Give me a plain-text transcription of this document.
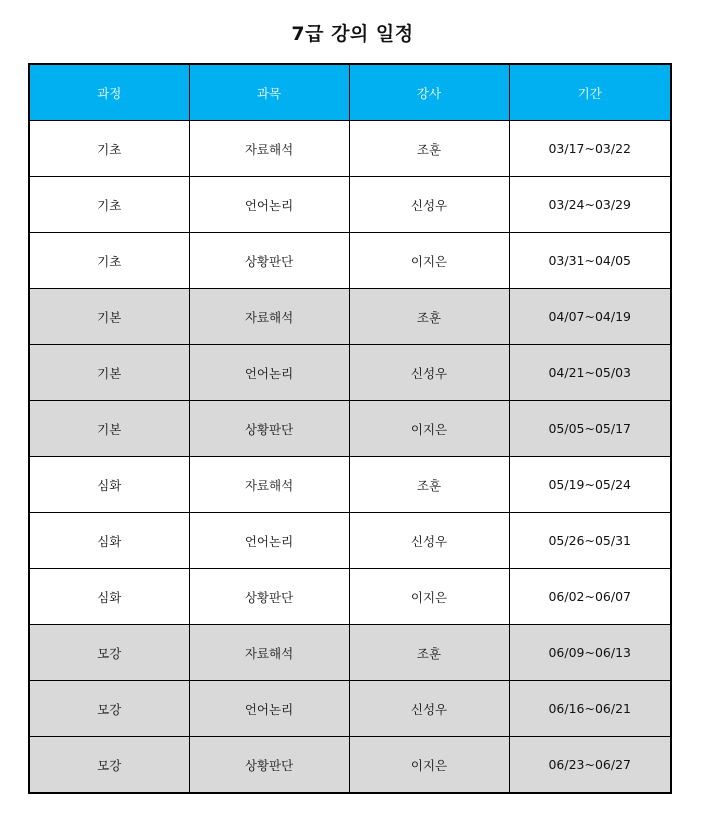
7급 강의 일정
과정	과목	강사	기간
기초	자료해석	조훈	03/17~03/22
기초	언어논리	신성우	03/24~03/29
기초	상황판단	이지은	03/31~04/05
기본	자료해석	조훈	04/07~04/19
기본	언어논리	신성우	04/21~05/03
기본	상황판단	이지은	05/05~05/17
심화	자료해석	조훈	05/19~05/24
심화	언어논리	신성우	05/26~05/31
심화	상황판단	이지은	06/02~06/07
모강	자료해석	조훈	06/09~06/13
모강	언어논리	신성우	06/16~06/21
모강	상황판단	이지은	06/23~06/27
